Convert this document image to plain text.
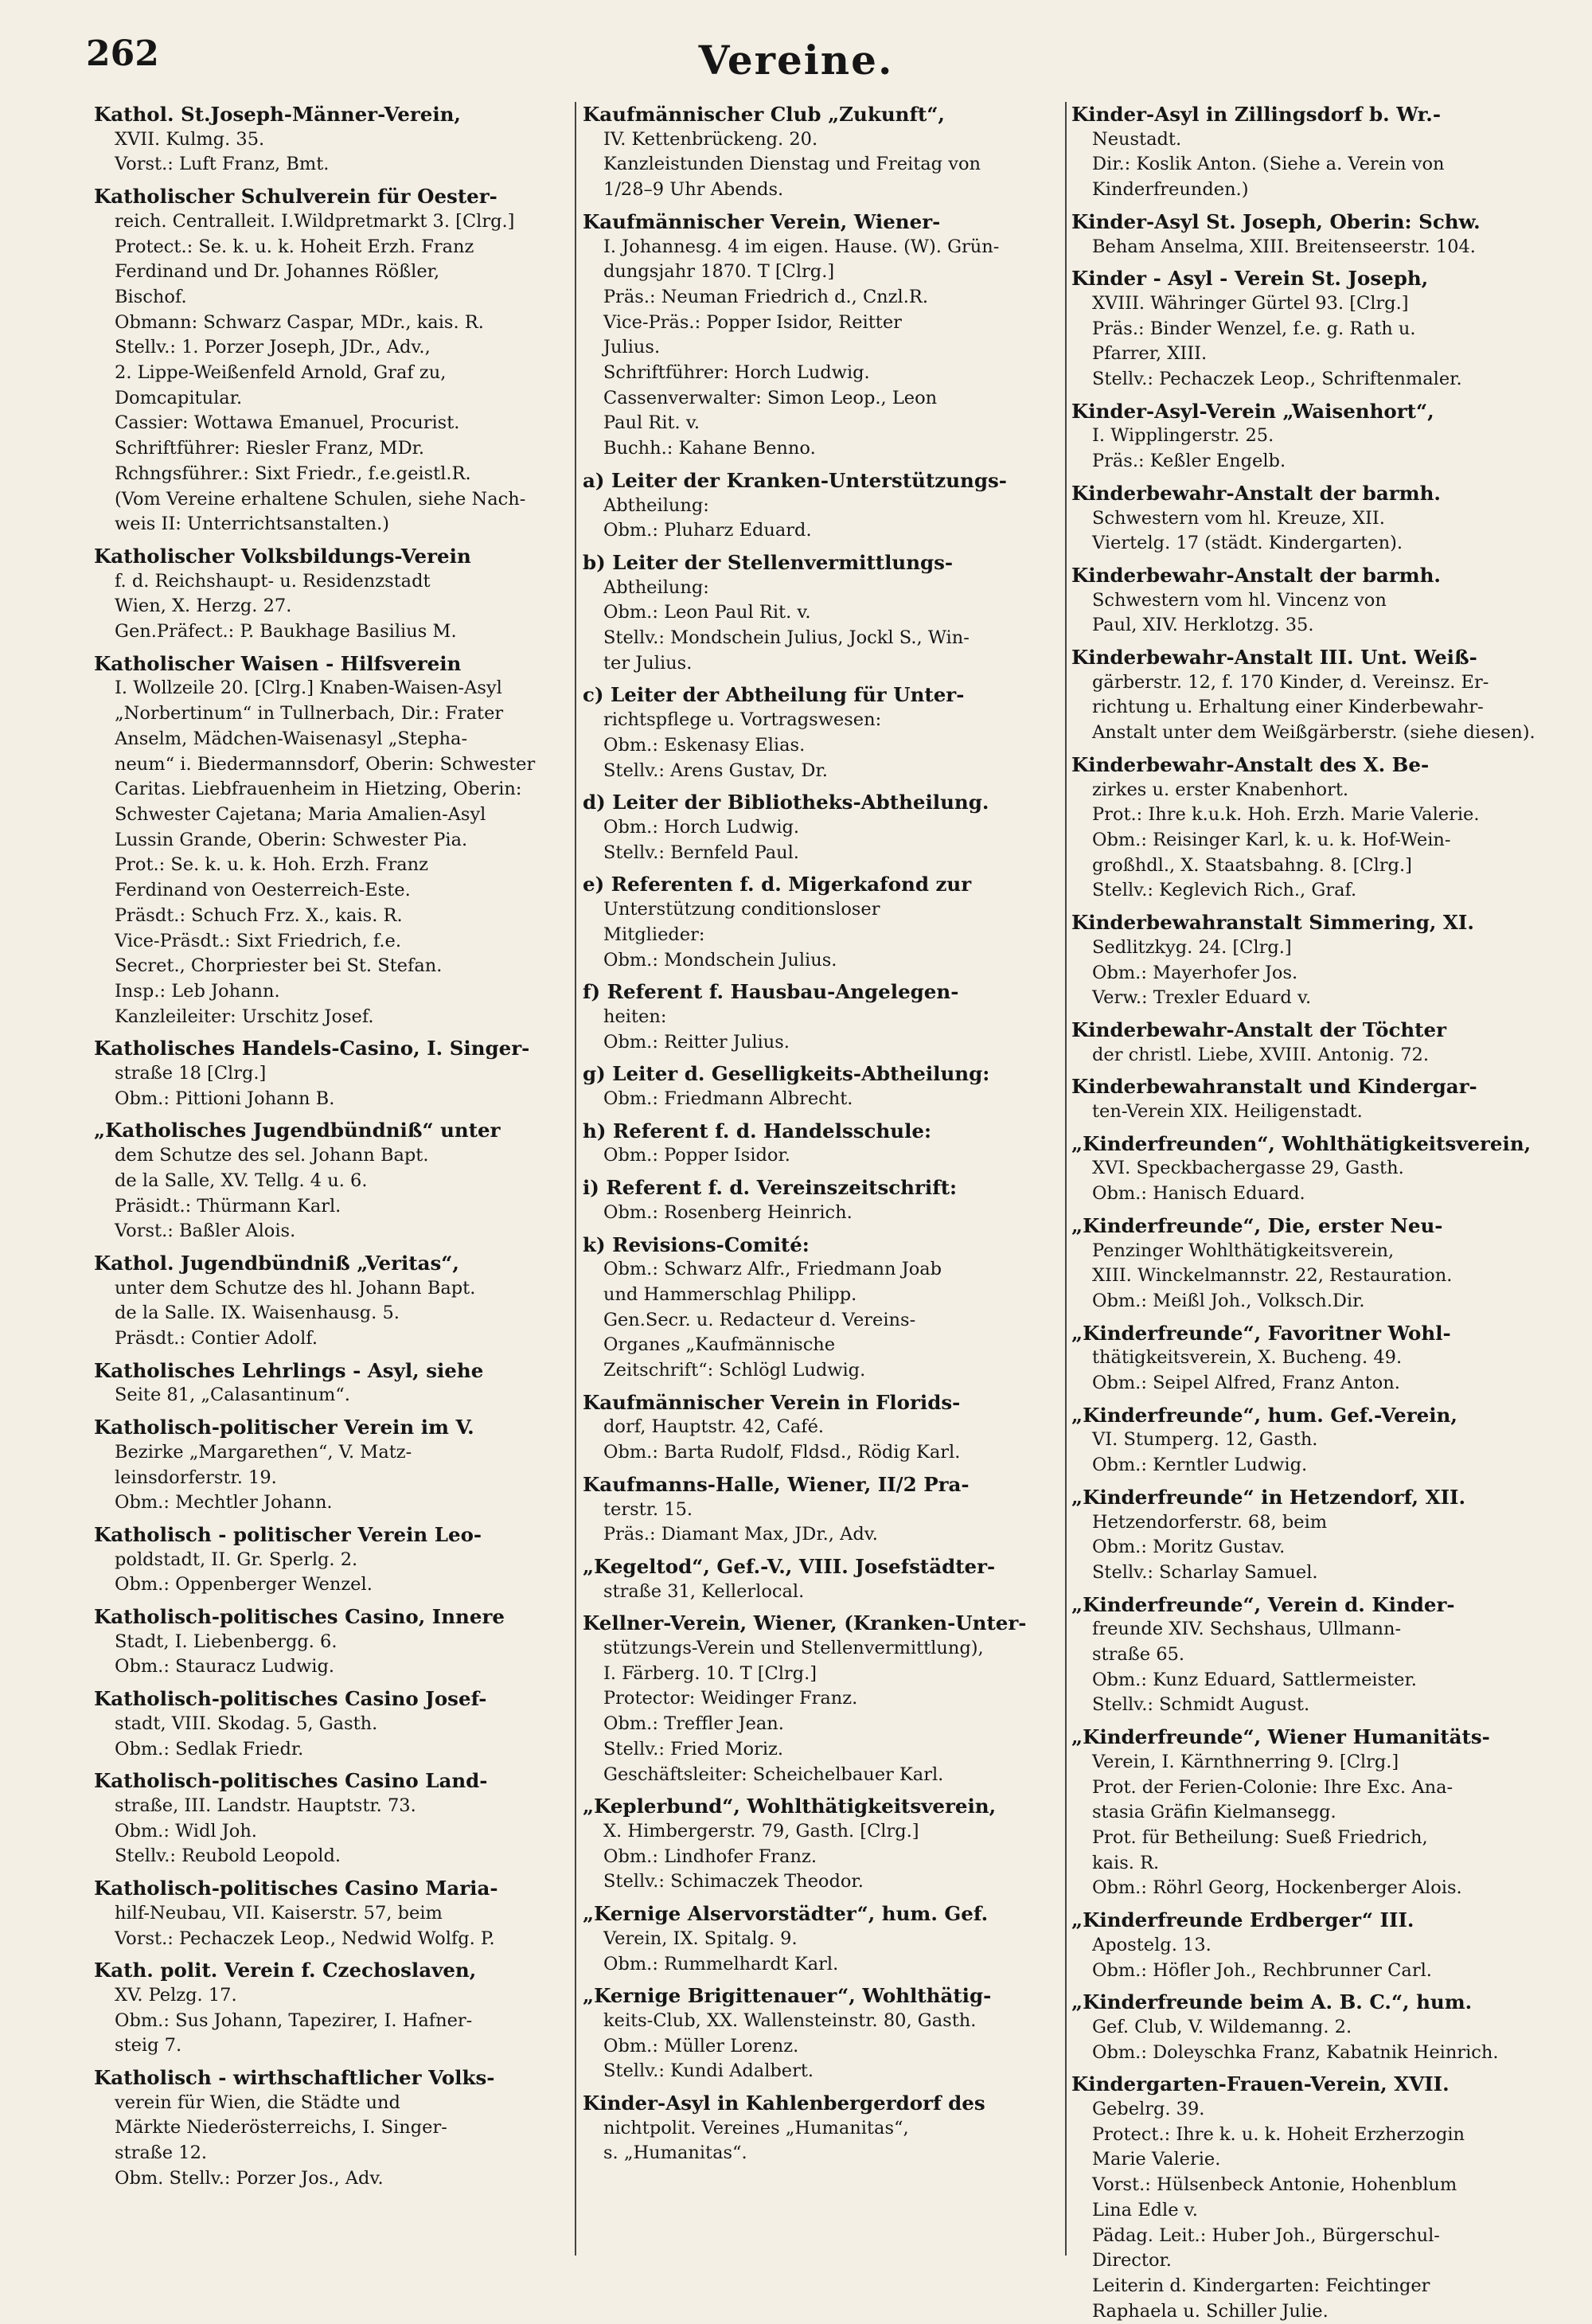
262	Vereine.
Kathol. St.Joseph-Männer-Verein,
XVII. Kulmg. 35.
Vorst.: Luft Franz, Bmt.
Katholischer Schulverein für Oester-
reich. Centralleit. I.Wildpretmarkt 3. [Clrg.]
Protect.: Se. k. u. k. Hoheit Erzh. Franz
Ferdinand und Dr. Johannes Rößler,
Bischof.
Obmann: Schwarz Caspar, MDr., kais. R.
Stellv.: 1. Porzer Joseph, JDr., Adv.,
2. Lippe-Weißenfeld Arnold, Graf zu,
Domcapitular.
Cassier: Wottawa Emanuel, Procurist.
Schriftführer: Riesler Franz, MDr.
Rchngsführer.: Sixt Friedr., f.e.geistl.R.
(Vom Vereine erhaltene Schulen, siehe Nach-
weis II: Unterrichtsanstalten.)
Katholischer Volksbildungs-Verein
f. d. Reichshaupt- u. Residenzstadt
Wien, X. Herzg. 27.
Gen.Präfect.: P. Baukhage Basilius M.
Katholischer Waisen - Hilfsverein
I. Wollzeile 20. [Clrg.] Knaben-Waisen-Asyl
„Norbertinum“ in Tullnerbach, Dir.: Frater
Anselm, Mädchen-Waisenasyl „Stepha-
neum“ i. Biedermannsdorf, Oberin: Schwester
Caritas. Liebfrauenheim in Hietzing, Oberin:
Schwester Cajetana; Maria Amalien-Asyl
Lussin Grande, Oberin: Schwester Pia.
Prot.: Se. k. u. k. Hoh. Erzh. Franz
Ferdinand von Oesterreich-Este.
Präsdt.: Schuch Frz. X., kais. R.
Vice-Präsdt.: Sixt Friedrich, f.e.
Secret., Chorpriester bei St. Stefan.
Insp.: Leb Johann.
Kanzleileiter: Urschitz Josef.
Katholisches Handels-Casino, I. Singer-
straße 18 [Clrg.]
Obm.: Pittioni Johann B.
„Katholisches Jugendbündniß“ unter
dem Schutze des sel. Johann Bapt.
de la Salle, XV. Tellg. 4 u. 6.
Präsidt.: Thürmann Karl.
Vorst.: Baßler Alois.
Kathol. Jugendbündniß „Veritas“,
unter dem Schutze des hl. Johann Bapt.
de la Salle. IX. Waisenhausg. 5.
Präsdt.: Contier Adolf.
Katholisches Lehrlings - Asyl, siehe
Seite 81, „Calasantinum“.
Katholisch-politischer Verein im V.
Bezirke „Margarethen“, V. Matz-
leinsdorferstr. 19.
Obm.: Mechtler Johann.
Katholisch - politischer Verein Leo-
poldstadt, II. Gr. Sperlg. 2.
Obm.: Oppenberger Wenzel.
Katholisch-politisches Casino, Innere
Stadt, I. Liebenbergg. 6.
Obm.: Stauracz Ludwig.
Katholisch-politisches Casino Josef-
stadt, VIII. Skodag. 5, Gasth.
Obm.: Sedlak Friedr.
Katholisch-politisches Casino Land-
straße, III. Landstr. Hauptstr. 73.
Obm.: Widl Joh.
Stellv.: Reubold Leopold.
Katholisch-politisches Casino Maria-
hilf-Neubau, VII. Kaiserstr. 57, beim
Vorst.: Pechaczek Leop., Nedwid Wolfg. P.
Kath. polit. Verein f. Czechoslaven,
XV. Pelzg. 17.
Obm.: Sus Johann, Tapezirer, I. Hafner-
steig 7.
Katholisch - wirthschaftlicher Volks-
verein für Wien, die Städte und
Märkte Niederösterreichs, I. Singer-
straße 12.
Obm. Stellv.: Porzer Jos., Adv.
Kaufmännischer Club „Zukunft“,
IV. Kettenbrückeng. 20.
Kanzleistunden Dienstag und Freitag von
1/28–9 Uhr Abends.
Kaufmännischer Verein, Wiener-
I. Johannesg. 4 im eigen. Hause. (W). Grün-
dungsjahr 1870. T [Clrg.]
Präs.: Neuman Friedrich d., Cnzl.R.
Vice-Präs.: Popper Isidor, Reitter
Julius.
Schriftführer: Horch Ludwig.
Cassenverwalter: Simon Leop., Leon
Paul Rit. v.
Buchh.: Kahane Benno.
a) Leiter der Kranken-Unterstützungs-
Abtheilung:
Obm.: Pluharz Eduard.
b) Leiter der Stellenvermittlungs-
Abtheilung:
Obm.: Leon Paul Rit. v.
Stellv.: Mondschein Julius, Jockl S., Win-
ter Julius.
c) Leiter der Abtheilung für Unter-
richtspflege u. Vortragswesen:
Obm.: Eskenasy Elias.
Stellv.: Arens Gustav, Dr.
d) Leiter der Bibliotheks-Abtheilung.
Obm.: Horch Ludwig.
Stellv.: Bernfeld Paul.
e) Referenten f. d. Migerkafond zur
Unterstützung conditionsloser
Mitglieder:
Obm.: Mondschein Julius.
f) Referent f. Hausbau-Angelegen-
heiten:
Obm.: Reitter Julius.
g) Leiter d. Geselligkeits-Abtheilung:
Obm.: Friedmann Albrecht.
h) Referent f. d. Handelsschule:
Obm.: Popper Isidor.
i) Referent f. d. Vereinszeitschrift:
Obm.: Rosenberg Heinrich.
k) Revisions-Comité:
Obm.: Schwarz Alfr., Friedmann Joab
und Hammerschlag Philipp.
Gen.Secr. u. Redacteur d. Vereins-
Organes „Kaufmännische
Zeitschrift“: Schlögl Ludwig.
Kaufmännischer Verein in Florids-
dorf, Hauptstr. 42, Café.
Obm.: Barta Rudolf, Fldsd., Rödig Karl.
Kaufmanns-Halle, Wiener, II/2 Pra-
terstr. 15.
Präs.: Diamant Max, JDr., Adv.
„Kegeltod“, Gef.-V., VIII. Josefstädter-
straße 31, Kellerlocal.
Kellner-Verein, Wiener, (Kranken-Unter-
stützungs-Verein und Stellenvermittlung),
I. Färberg. 10. T [Clrg.]
Protector: Weidinger Franz.
Obm.: Treffler Jean.
Stellv.: Fried Moriz.
Geschäftsleiter: Scheichelbauer Karl.
„Keplerbund“, Wohlthätigkeitsverein,
X. Himbergerstr. 79, Gasth. [Clrg.]
Obm.: Lindhofer Franz.
Stellv.: Schimaczek Theodor.
„Kernige Alservorstädter“, hum. Gef.
Verein, IX. Spitalg. 9.
Obm.: Rummelhardt Karl.
„Kernige Brigittenauer“, Wohlthätig-
keits-Club, XX. Wallensteinstr. 80, Gasth.
Obm.: Müller Lorenz.
Stellv.: Kundi Adalbert.
Kinder-Asyl in Kahlenbergerdorf des
nichtpolit. Vereines „Humanitas“,
s. „Humanitas“.
Kinder-Asyl in Zillingsdorf b. Wr.-
Neustadt.
Dir.: Koslik Anton. (Siehe a. Verein von
Kinderfreunden.)
Kinder-Asyl St. Joseph, Oberin: Schw.
Beham Anselma, XIII. Breitenseerstr. 104.
Kinder - Asyl - Verein St. Joseph,
XVIII. Währinger Gürtel 93. [Clrg.]
Präs.: Binder Wenzel, f.e. g. Rath u.
Pfarrer, XIII.
Stellv.: Pechaczek Leop., Schriftenmaler.
Kinder-Asyl-Verein „Waisenhort“,
I. Wipplingerstr. 25.
Präs.: Keßler Engelb.
Kinderbewahr-Anstalt der barmh.
Schwestern vom hl. Kreuze, XII.
Viertelg. 17 (städt. Kindergarten).
Kinderbewahr-Anstalt der barmh.
Schwestern vom hl. Vincenz von
Paul, XIV. Herklotzg. 35.
Kinderbewahr-Anstalt III. Unt. Weiß-
gärberstr. 12, f. 170 Kinder, d. Vereinsz. Er-
richtung u. Erhaltung einer Kinderbewahr-
Anstalt unter dem Weißgärberstr. (siehe diesen).
Kinderbewahr-Anstalt des X. Be-
zirkes u. erster Knabenhort.
Prot.: Ihre k.u.k. Hoh. Erzh. Marie Valerie.
Obm.: Reisinger Karl, k. u. k. Hof-Wein-
großhdl., X. Staatsbahng. 8. [Clrg.]
Stellv.: Keglevich Rich., Graf.
Kinderbewahranstalt Simmering, XI.
Sedlitzkyg. 24. [Clrg.]
Obm.: Mayerhofer Jos.
Verw.: Trexler Eduard v.
Kinderbewahr-Anstalt der Töchter
der christl. Liebe, XVIII. Antonig. 72.
Kinderbewahranstalt und Kindergar-
ten-Verein XIX. Heiligenstadt.
„Kinderfreunden“, Wohlthätigkeitsverein,
XVI. Speckbachergasse 29, Gasth.
Obm.: Hanisch Eduard.
„Kinderfreunde“, Die, erster Neu-
Penzinger Wohlthätigkeitsverein,
XIII. Winckelmannstr. 22, Restauration.
Obm.: Meißl Joh., Volksch.Dir.
„Kinderfreunde“, Favoritner Wohl-
thätigkeitsverein, X. Bucheng. 49.
Obm.: Seipel Alfred, Franz Anton.
„Kinderfreunde“, hum. Gef.-Verein,
VI. Stumperg. 12, Gasth.
Obm.: Kerntler Ludwig.
„Kinderfreunde“ in Hetzendorf, XII.
Hetzendorferstr. 68, beim
Obm.: Moritz Gustav.
Stellv.: Scharlay Samuel.
„Kinderfreunde“, Verein d. Kinder-
freunde XIV. Sechshaus, Ullmann-
straße 65.
Obm.: Kunz Eduard, Sattlermeister.
Stellv.: Schmidt August.
„Kinderfreunde“, Wiener Humanitäts-
Verein, I. Kärnthnerring 9. [Clrg.]
Prot. der Ferien-Colonie: Ihre Exc. Ana-
stasia Gräfin Kielmansegg.
Prot. für Betheilung: Sueß Friedrich,
kais. R.
Obm.: Röhrl Georg, Hockenberger Alois.
„Kinderfreunde Erdberger“ III.
Apostelg. 13.
Obm.: Höfler Joh., Rechbrunner Carl.
„Kinderfreunde beim A. B. C.“, hum.
Gef. Club, V. Wildemanng. 2.
Obm.: Doleyschka Franz, Kabatnik Heinrich.
Kindergarten-Frauen-Verein, XVII.
Gebelrg. 39.
Protect.: Ihre k. u. k. Hoheit Erzherzogin
Marie Valerie.
Vorst.: Hülsenbeck Antonie, Hohenblum
Lina Edle v.
Pädag. Leit.: Huber Joh., Bürgerschul-
Director.
Leiterin d. Kindergarten: Feichtinger
Raphaela u. Schiller Julie.
